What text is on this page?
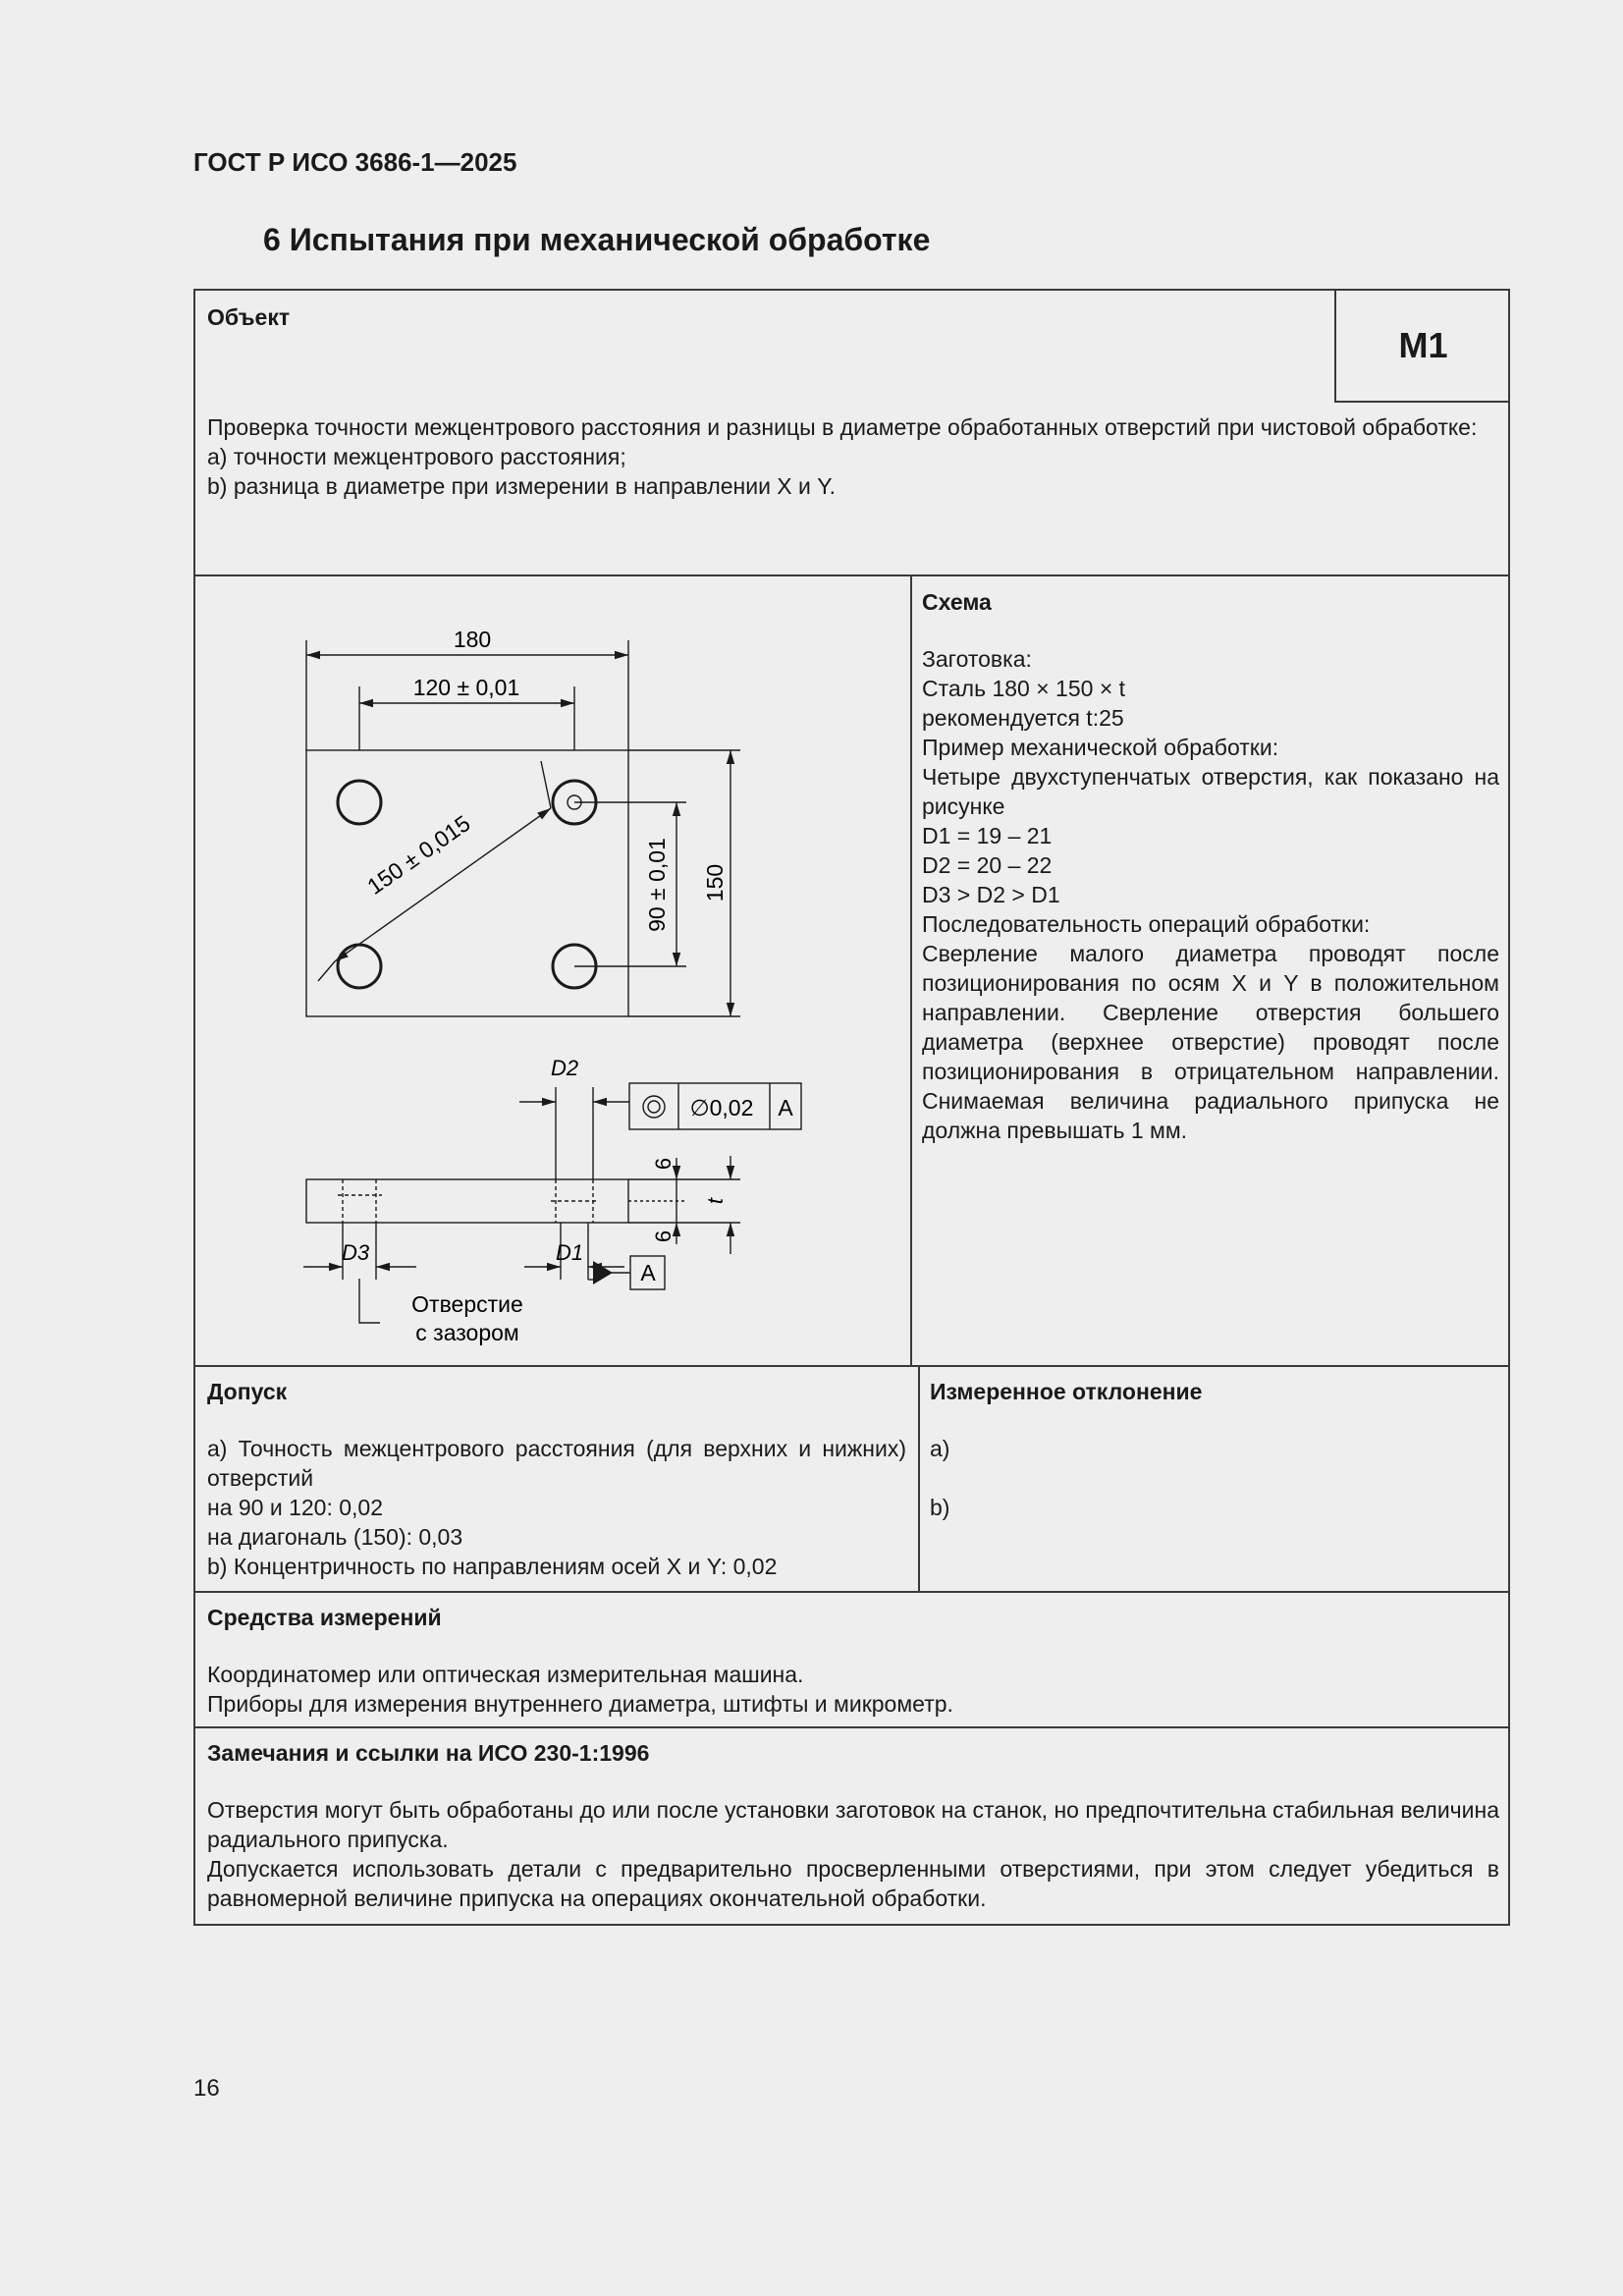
ГОСТ Р ИСО 3686-1—2025
6 Испытания при механической обработке
Объект
M1
Проверка точности межцентрового расстояния и разницы в диаметре обработанных отверстий при чистовой обработке:
a) точности межцентрового расстояния;
b) разница в диаметре при измерении в направлении X и Y.
180
120 ± 0,01
150 ± 0,015	90 ± 0,01 150
D2
∅0,02 A
A
D1
D3
6
6
t
Отверстие
с зазором
Схема
Заготовка:
Сталь 180 × 150 × t
рекомендуется t:25
Пример механической обработки:
Четыре двухступенчатых отверстия, как показано на рисунке
D1 = 19 – 21
D2 = 20 – 22
D3 > D2 > D1
Последовательность операций обработки:
Сверление малого диаметра проводят после позиционирования по осям X и Y в положительном направлении. Сверление отверстия большего диаметра (верхнее отверстие) проводят после позиционирования в отрицательном направлении. Снимаемая величина радиального припуска не должна превышать 1 мм.
Допуск
a) Точность межцентрового расстояния (для верхних и нижних) отверстий
на 90 и 120: 0,02
на диагональ (150): 0,03
b) Концентричность по направлениям осей X и Y: 0,02
Измеренное отклонение
a)
b)
Средства измерений
Координатомер или оптическая измерительная машина.
Приборы для измерения внутреннего диаметра, штифты и микрометр.
Замечания и ссылки на ИСО 230-1:1996
Отверстия могут быть обработаны до или после установки заготовок на станок, но предпочтительна стабильная величина радиального припуска.
Допускается использовать детали с предварительно просверленными отверстиями, при этом следует убедиться в равномерной величине припуска на операциях окончательной обработки.
16
